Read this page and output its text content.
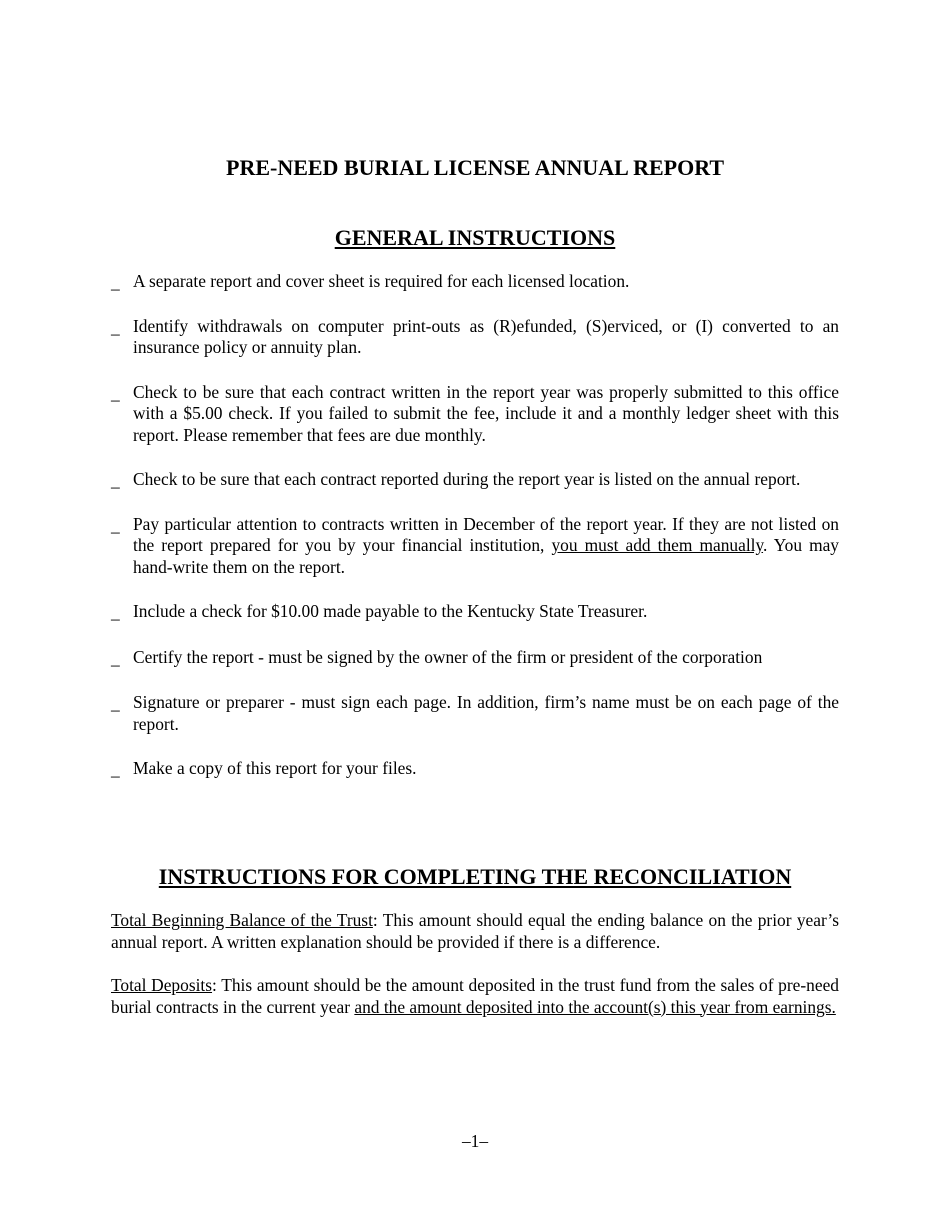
PRE-NEED BURIAL LICENSE ANNUAL REPORT
GENERAL INSTRUCTIONS
_ A separate report and cover sheet is required for each licensed location.
_ Identify withdrawals on computer print-outs as (R)efunded, (S)erviced, or (I) converted to an insurance policy or annuity plan.
_ Check to be sure that each contract written in the report year was properly submitted to this office with a $5.00 check. If you failed to submit the fee, include it and a monthly ledger sheet with this report. Please remember that fees are due monthly.
_ Check to be sure that each contract reported during the report year is listed on the annual report.
_ Pay particular attention to contracts written in December of the report year. If they are not listed on the report prepared for you by your financial institution, you must add them manually. You may hand-write them on the report.
_ Include a check for $10.00 made payable to the Kentucky State Treasurer.
_ Certify the report - must be signed by the owner of the firm or president of the corporation
_ Signature or preparer - must sign each page. In addition, firm’s name must be on each page of the report.
_ Make a copy of this report for your files.
INSTRUCTIONS FOR COMPLETING THE RECONCILIATION

Total Beginning Balance of the Trust: This amount should equal the ending balance on the prior year’s annual report. A written explanation should be provided if there is a difference.

Total Deposits: This amount should be the amount deposited in the trust fund from the sales of pre-need burial contracts in the current year and the amount deposited into the account(s) this year from earnings.

–1–
